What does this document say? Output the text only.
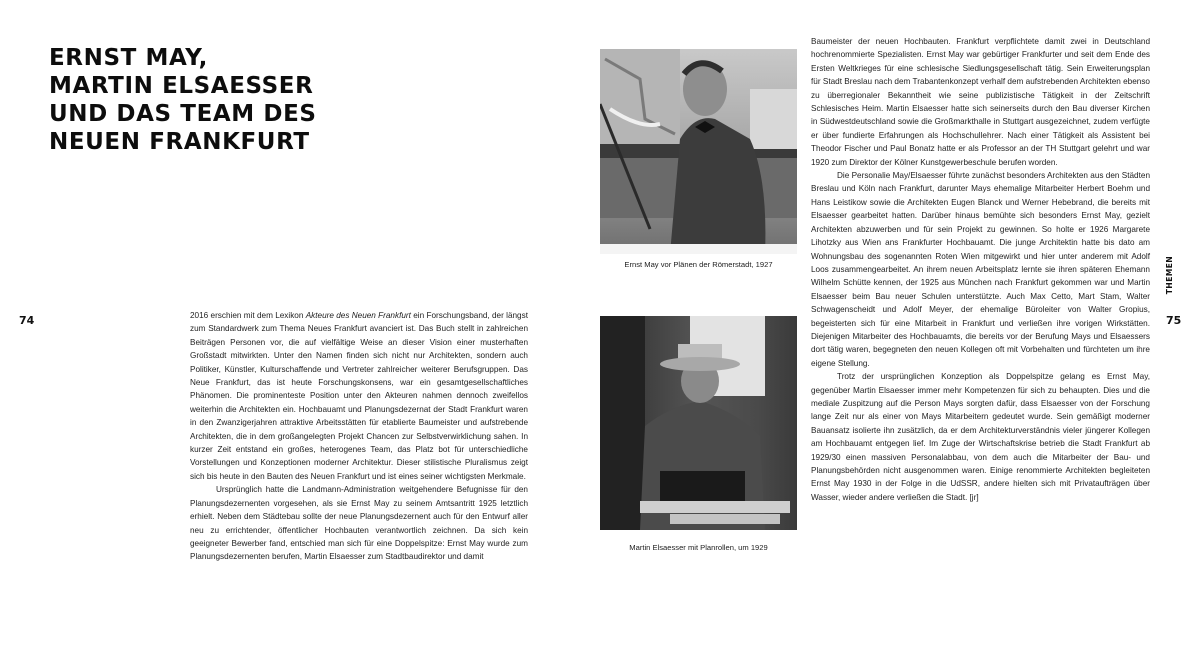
ERNST MAY,
MARTIN ELSAESSER
UND DAS TEAM DES
NEUEN FRANKFURT
74	75
THEMEN

2016 erschien mit dem Lexikon Akteure des Neuen Frankfurt ein Forschungsband, der längst zum Standardwerk zum Thema Neues Frankfurt avanciert ist. Das Buch stellt in zahlreichen Beiträgen Personen vor, die auf vielfältige Weise an dieser Vision einer musterhaften Großstadt mitwirkten. Unter den Namen finden sich nicht nur Architekten, sondern auch Politiker, Künstler, Kulturschaffende und Vertreter zahlreicher weiterer Berufsgruppen. Das Neue Frankfurt, das ist heute Forschungskonsens, war ein gesamtgesellschaftliches Phänomen. Die prominenteste Position unter den Akteuren nahmen dennoch zweifellos weiterhin die Architekten ein. Hochbauamt und Planungsdezernat der Stadt Frankfurt waren in den Zwanzigerjahren attraktive Arbeitsstätten für etablierte Baumeister und aufstrebende Architekten, die in dem großangelegten Projekt Chancen zur Selbstverwirklichung sahen. In kurzer Zeit entstand ein großes, heterogenes Team, das Platz bot für unterschiedliche Vorstellungen und Konzeptionen moderner Architektur. Dieser stilistische Pluralismus zeigt sich bis heute in den Bauten des Neuen Frankfurt und ist eines seiner wichtigsten Merkmale.

Ursprünglich hatte die Landmann-Administration weitgehendere Befugnisse für den Planungsdezernenten vorgesehen, als sie Ernst May zu seinem Amtsantritt 1925 letztlich erhielt. Neben dem Städtebau sollte der neue Planungsdezernent auch für den Entwurf aller neu zu errichtender, öffentlicher Hochbauten verantwortlich zeichnen. Da sich kein geeigneter Bewerber fand, entschied man sich für eine Doppelspitze: Ernst May wurde zum Planungsdezernenten berufen, Martin Elsaesser zum Stadtbaudirektor und damit

Ernst May vor Plänen der Römerstadt, 1927
Martin Elsaesser mit Planrollen, um 1929

Baumeister der neuen Hochbauten. Frankfurt verpflichtete damit zwei in Deutschland hochrenommierte Spezialisten. Ernst May war gebürtiger Frankfurter und seit dem Ende des Ersten Weltkrieges für eine schlesische Siedlungsgesellschaft tätig. Sein Erweiterungsplan für Stadt Breslau nach dem Trabantenkonzept verhalf dem aufstrebenden Architekten ebenso zu überregionaler Bekanntheit wie seine publizistische Tätigkeit in der Zeitschrift Schlesisches Heim. Martin Elsaesser hatte sich seinerseits durch den Bau diverser Kirchen in Südwestdeutschland sowie die Großmarkthalle in Stuttgart ausgezeichnet, zudem verfügte er über fundierte Erfahrungen als Hochschullehrer. Nach einer Tätigkeit als Assistent bei Theodor Fischer und Paul Bonatz hatte er als Professor an der TH Stuttgart gelehrt und war 1920 zum Direktor der Kölner Kunstgewerbeschule berufen worden.

Die Personalie May/Elsaesser führte zunächst besonders Architekten aus den Städten Breslau und Köln nach Frankfurt, darunter Mays ehemalige Mitarbeiter Herbert Boehm und Hans Leistikow sowie die Architekten Eugen Blanck und Werner Hebebrand, die bereits mit Elsaesser gearbeitet hatten. Darüber hinaus bemühte sich besonders Ernst May, gezielt Architekten abzuwerben und für sein Projekt zu gewinnen. So holte er 1926 Margarete Lihotzky aus Wien ans Frankfurter Hochbauamt. Die junge Architektin hatte bis dato am Wohnungsbau des sogenannten Roten Wien mitgewirkt und hier unter anderem mit Adolf Loos zusammengearbeitet. An ihrem neuen Arbeitsplatz lernte sie ihren späteren Ehemann Wilhelm Schütte kennen, der 1925 aus München nach Frankfurt gekommen war und Martin Elsaesser beim Bau neuer Schulen unterstützte. Auch Max Cetto, Mart Stam, Walter Schwagenscheidt und Adolf Meyer, der ehemalige Büroleiter von Walter Gropius, begeisterten sich für eine Mitarbeit in Frankfurt und verließen ihre vorigen Wirkstätten. Diejenigen Mitarbeiter des Hochbauamts, die bereits vor der Berufung Mays und Elsaessers dort tätig waren, begegneten den neuen Kollegen oft mit Vorbehalten und fürchteten um ihre eigene Stellung.

Trotz der ursprünglichen Konzeption als Doppelspitze gelang es Ernst May, gegenüber Martin Elsaesser immer mehr Kompetenzen für sich zu behaupten. Dies und die mediale Zuspitzung auf die Person Mays sorgten dafür, dass Elsaesser von der Forschung lange Zeit nur als einer von Mays Mitarbeitern gedeutet wurde. Sein gemäßigt moderner Bauansatz isolierte ihn zusätzlich, da er dem Architekturverständnis vieler jüngerer Kollegen am Hochbauamt entgegen lief. Im Zuge der Wirtschaftskrise betrieb die Stadt Frankfurt ab 1929/30 einen massiven Personalabbau, von dem auch die Mitarbeiter der Bau- und Planungsbehörden nicht ausgenommen waren. Einige renommierte Architekten begleiteten Ernst May 1930 in der Folge in die UdSSR, andere hielten sich mit Privataufträgen über Wasser, wieder andere verließen die Stadt. [jr]
